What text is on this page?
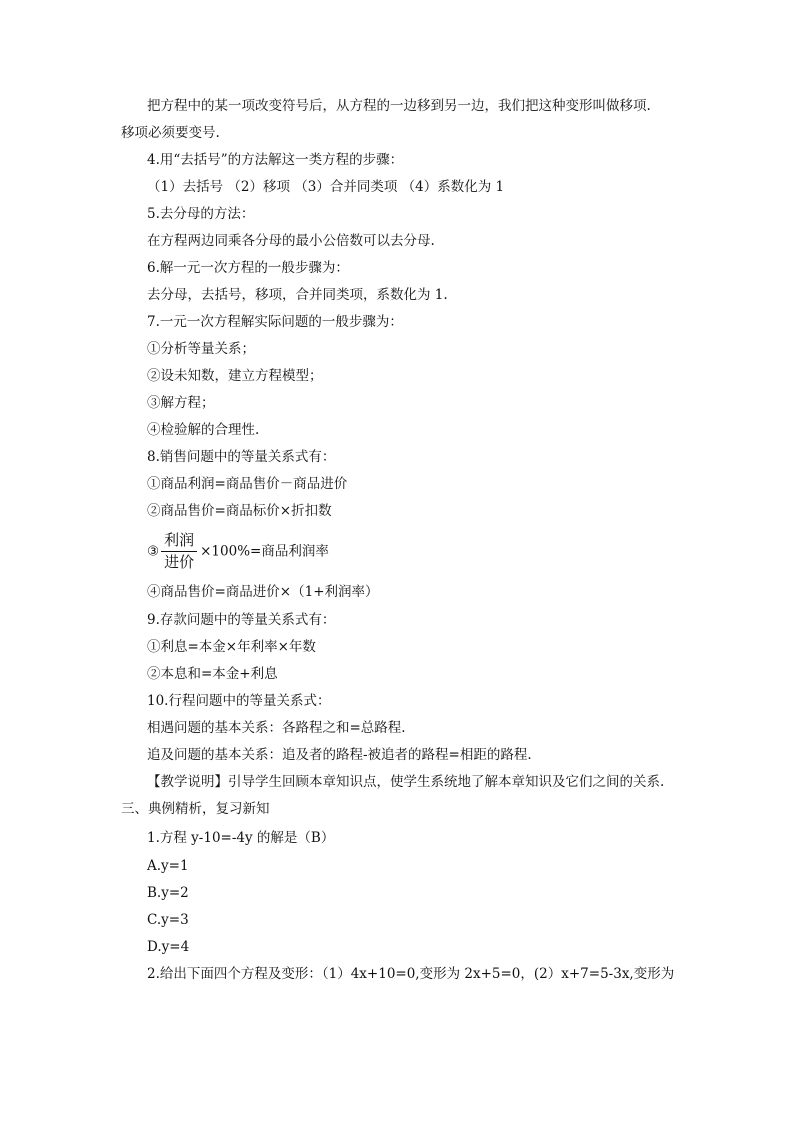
把方程中的某一项改变符号后，从方程的一边移到另一边，我们把这种变形叫做移项.
移项必须要变号.
4.用“去括号”的方法解这一类方程的步骤：
（1）去括号 （2）移项 （3）合并同类项 （4）系数化为 1
5.去分母的方法：
在方程两边同乘各分母的最小公倍数可以去分母.
6.解一元一次方程的一般步骤为：
去分母，去括号，移项，合并同类项，系数化为 1.
7.一元一次方程解实际问题的一般步骤为：
①分析等量关系；
②设未知数，建立方程模型；
③解方程；
④检验解的合理性.
8.销售问题中的等量关系式有：
①商品利润=商品售价－商品进价
②商品售价=商品标价×折扣数
③ $\frac{\text{利润}}{\text{进价}} \times 100\%=$商品利润率
④商品售价=商品进价×（1+利润率）
9.存款问题中的等量关系式有：
①利息=本金×年利率×年数
②本息和=本金+利息
10.行程问题中的等量关系式：
相遇问题的基本关系：各路程之和=总路程.
追及问题的基本关系：追及者的路程-被追者的路程=相距的路程.
【教学说明】引导学生回顾本章知识点，使学生系统地了解本章知识及它们之间的关系.
三、典例精析，复习新知
1.方程 y-10=-4y 的解是（B）
A.y=1
B.y=2
C.y=3
D.y=4
2.给出下面四个方程及变形：（1）4x+10=0,变形为 2x+5=0，(2）x+7=5-3x,变形为
